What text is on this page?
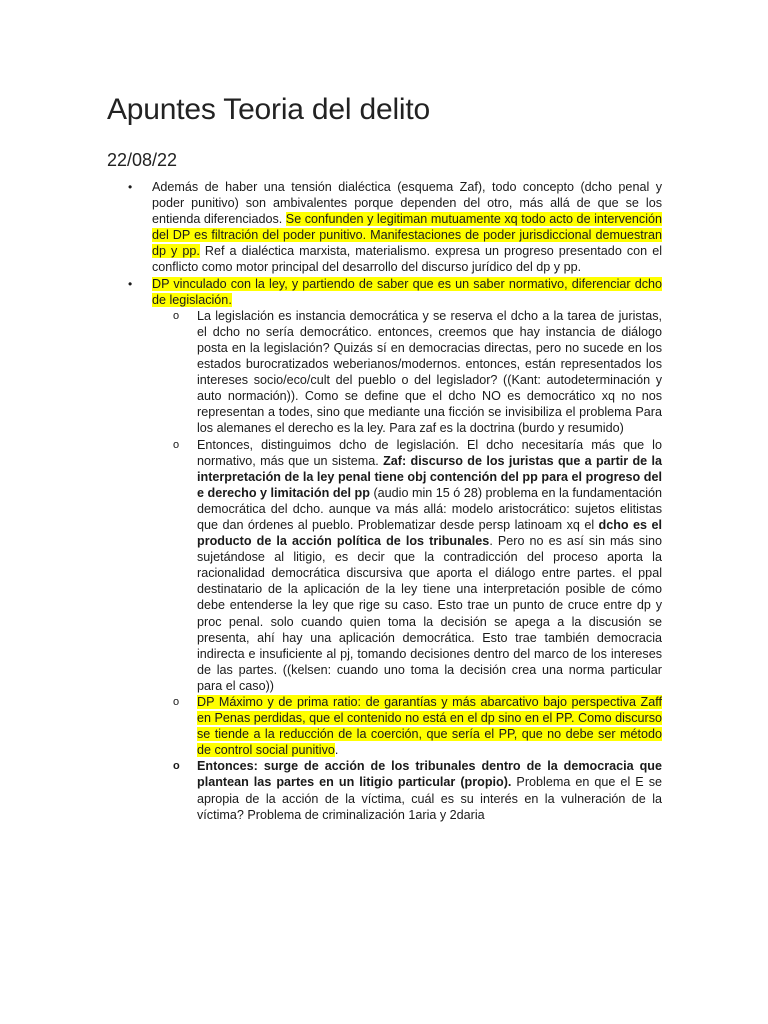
Apuntes Teoria del delito

22/08/22

• Además de haber una tensión dialéctica (esquema Zaf), todo concepto (dcho penal y poder punitivo) son ambivalentes porque dependen del otro, más allá de que se los entienda diferenciados. Se confunden y legitiman mutuamente xq todo acto de intervención del DP es filtración del poder punitivo. Manifestaciones de poder jurisdiccional demuestran dp y pp. Ref a dialéctica marxista, materialismo. expresa un progreso presentado con el conflicto como motor principal del desarrollo del discurso jurídico del dp y pp.
• DP vinculado con la ley, y partiendo de saber que es un saber normativo, diferenciar dcho de legislación.
o La legislación es instancia democrática y se reserva el dcho a la tarea de juristas, el dcho no sería democrático. entonces, creemos que hay instancia de diálogo posta en la legislación? Quizás sí en democracias directas, pero no sucede en los estados burocratizados weberianos/modernos. entonces, están representados los intereses socio/eco/cult del pueblo o del legislador? ((Kant: autodeterminación y auto normación)). Como se define que el dcho NO es democrático xq no nos representan a todes, sino que mediante una ficción se invisibiliza el problema Para los alemanes el derecho es la ley. Para zaf es la doctrina (burdo y resumido)
o Entonces, distinguimos dcho de legislación. El dcho necesitaría más que lo normativo, más que un sistema. Zaf: discurso de los juristas que a partir de la interpretación de la ley penal tiene obj contención del pp para el progreso del e derecho y limitación del pp (audio min 15 ó 28) problema en la fundamentación democrática del dcho. aunque va más allá: modelo aristocrático: sujetos elitistas que dan órdenes al pueblo. Problematizar desde persp latinoam xq el dcho es el producto de la acción política de los tribunales. Pero no es así sin más sino sujetándose al litigio, es decir que la contradicción del proceso aporta la racionalidad democrática discursiva que aporta el diálogo entre partes. el ppal destinatario de la aplicación de la ley tiene una interpretación posible de cómo debe entenderse la ley que rige su caso. Esto trae un punto de cruce entre dp y proc penal. solo cuando quien toma la decisión se apega a la discusión se presenta, ahí hay una aplicación democrática. Esto trae también democracia indirecta e insuficiente al pj, tomando decisiones dentro del marco de los intereses de las partes. ((kelsen: cuando uno toma la decisión crea una norma particular para el caso))
o DP Máximo y de prima ratio: de garantías y más abarcativo bajo perspectiva Zaff en Penas perdidas, que el contenido no está en el dp sino en el PP. Como discurso se tiende a la reducción de la coerción, que sería el PP, que no debe ser método de control social punitivo.
o Entonces: surge de acción de los tribunales dentro de la democracia que plantean las partes en un litigio particular (propio). Problema en que el E se apropia de la acción de la víctima, cuál es su interés en la vulneración de la víctima? Problema de criminalización 1aria y 2daria
